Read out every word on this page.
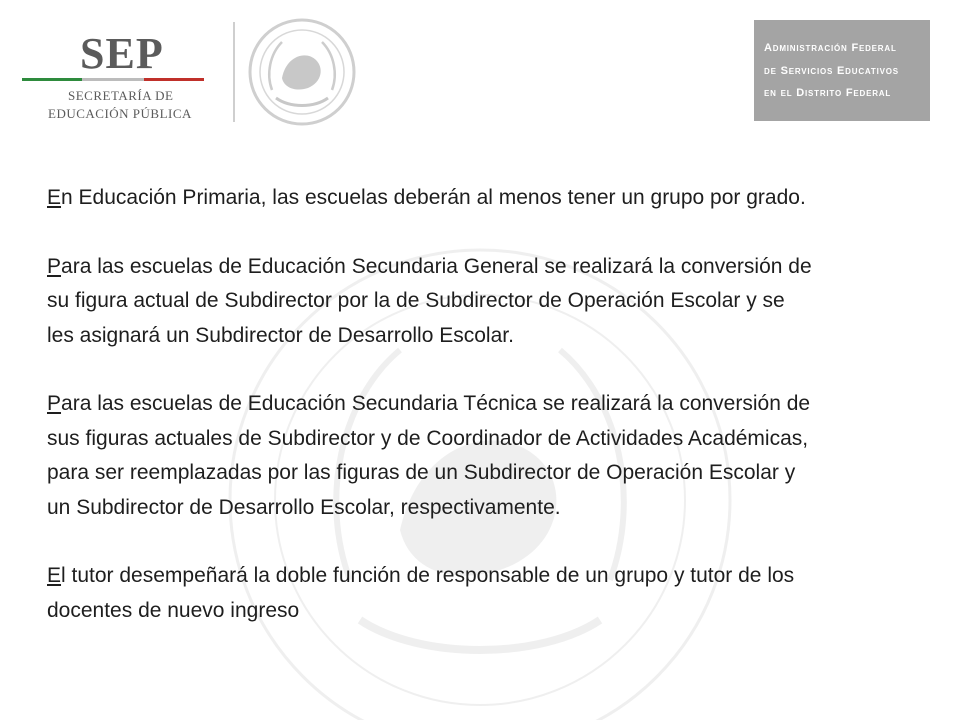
SEP
SECRETARÍA DE
EDUCACIÓN PÚBLICA
Administración Federal
de Servicios Educativos
en el Distrito Federal

En Educación Primaria, las escuelas deberán al menos tener un grupo por grado.

Para las escuelas de Educación Secundaria General se realizará la conversión de
su figura actual de Subdirector por la de Subdirector de Operación Escolar y se
les asignará un Subdirector de Desarrollo Escolar.

Para las escuelas de Educación Secundaria Técnica se realizará la conversión de
sus figuras actuales de Subdirector y de Coordinador de Actividades Académicas,
para ser reemplazadas por las figuras de un Subdirector de Operación Escolar y
un Subdirector de Desarrollo Escolar, respectivamente.

El tutor desempeñará la doble función de responsable de un grupo y tutor de los
docentes de nuevo ingreso
